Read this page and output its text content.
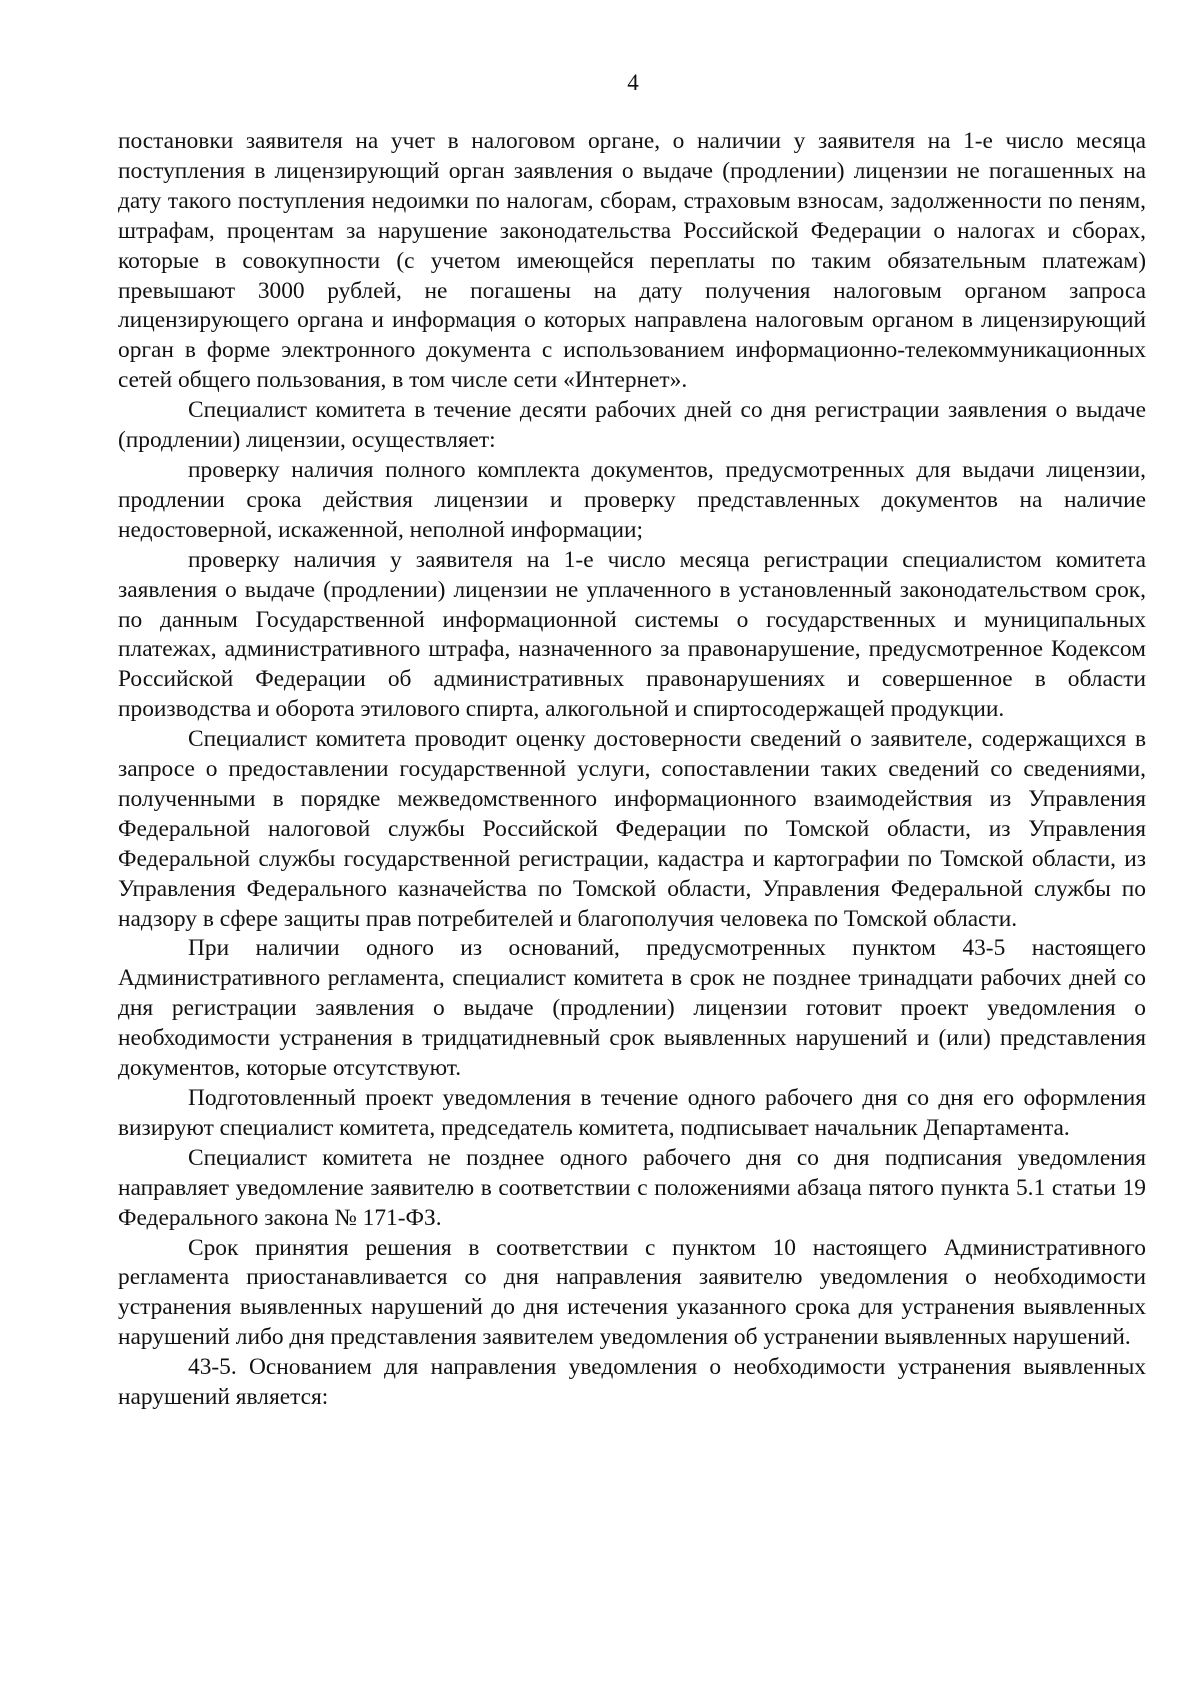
4

постановки заявителя на учет в налоговом органе, о наличии у заявителя на 1-е число месяца поступления в лицензирующий орган заявления о выдаче (продлении) лицензии не погашенных на дату такого поступления недоимки по налогам, сборам, страховым взносам, задолженности по пеням, штрафам, процентам за нарушение законодательства Российской Федерации о налогах и сборах, которые в совокупности (с учетом имеющейся переплаты по таким обязательным платежам) превышают 3000 рублей, не погашены на дату получения налоговым органом запроса лицензирующего органа и информация о которых направлена налоговым органом в лицензирующий орган в форме электронного документа с использованием информационно-телекоммуникационных сетей общего пользования, в том числе сети «Интернет».

Специалист комитета в течение десяти рабочих дней со дня регистрации заявления о выдаче (продлении) лицензии, осуществляет:

проверку наличия полного комплекта документов, предусмотренных для выдачи лицензии, продлении срока действия лицензии и проверку представленных документов на наличие недостоверной, искаженной, неполной информации;

проверку наличия у заявителя на 1-е число месяца регистрации специалистом комитета заявления о выдаче (продлении) лицензии не уплаченного в установленный законодательством срок, по данным Государственной информационной системы о государственных и муниципальных платежах, административного штрафа, назначенного за правонарушение, предусмотренное Кодексом Российской Федерации об административных правонарушениях и совершенное в области производства и оборота этилового спирта, алкогольной и спиртосодержащей продукции.

Специалист комитета проводит оценку достоверности сведений о заявителе, содержащихся в запросе о предоставлении государственной услуги, сопоставлении таких сведений со сведениями, полученными в порядке межведомственного информационного взаимодействия из Управления Федеральной налоговой службы Российской Федерации по Томской области, из Управления Федеральной службы государственной регистрации, кадастра и картографии по Томской области, из Управления Федерального казначейства по Томской области, Управления Федеральной службы по надзору в сфере защиты прав потребителей и благополучия человека по Томской области.

При наличии одного из оснований, предусмотренных пунктом 43-5 настоящего Административного регламента, специалист комитета в срок не позднее тринадцати рабочих дней со дня регистрации заявления о выдаче (продлении) лицензии готовит проект уведомления о необходимости устранения в тридцатидневный срок выявленных нарушений и (или) представления документов, которые отсутствуют.

Подготовленный проект уведомления в течение одного рабочего дня со дня его оформления визируют специалист комитета, председатель комитета, подписывает начальник Департамента.

Специалист комитета не позднее одного рабочего дня со дня подписания уведомления направляет уведомление заявителю в соответствии с положениями абзаца пятого пункта 5.1 статьи 19 Федерального закона № 171-ФЗ.

Срок принятия решения в соответствии с пунктом 10 настоящего Административного регламента приостанавливается со дня направления заявителю уведомления о необходимости устранения выявленных нарушений до дня истечения указанного срока для устранения выявленных нарушений либо дня представления заявителем уведомления об устранении выявленных нарушений.

43-5. Основанием для направления уведомления о необходимости устранения выявленных нарушений является:
